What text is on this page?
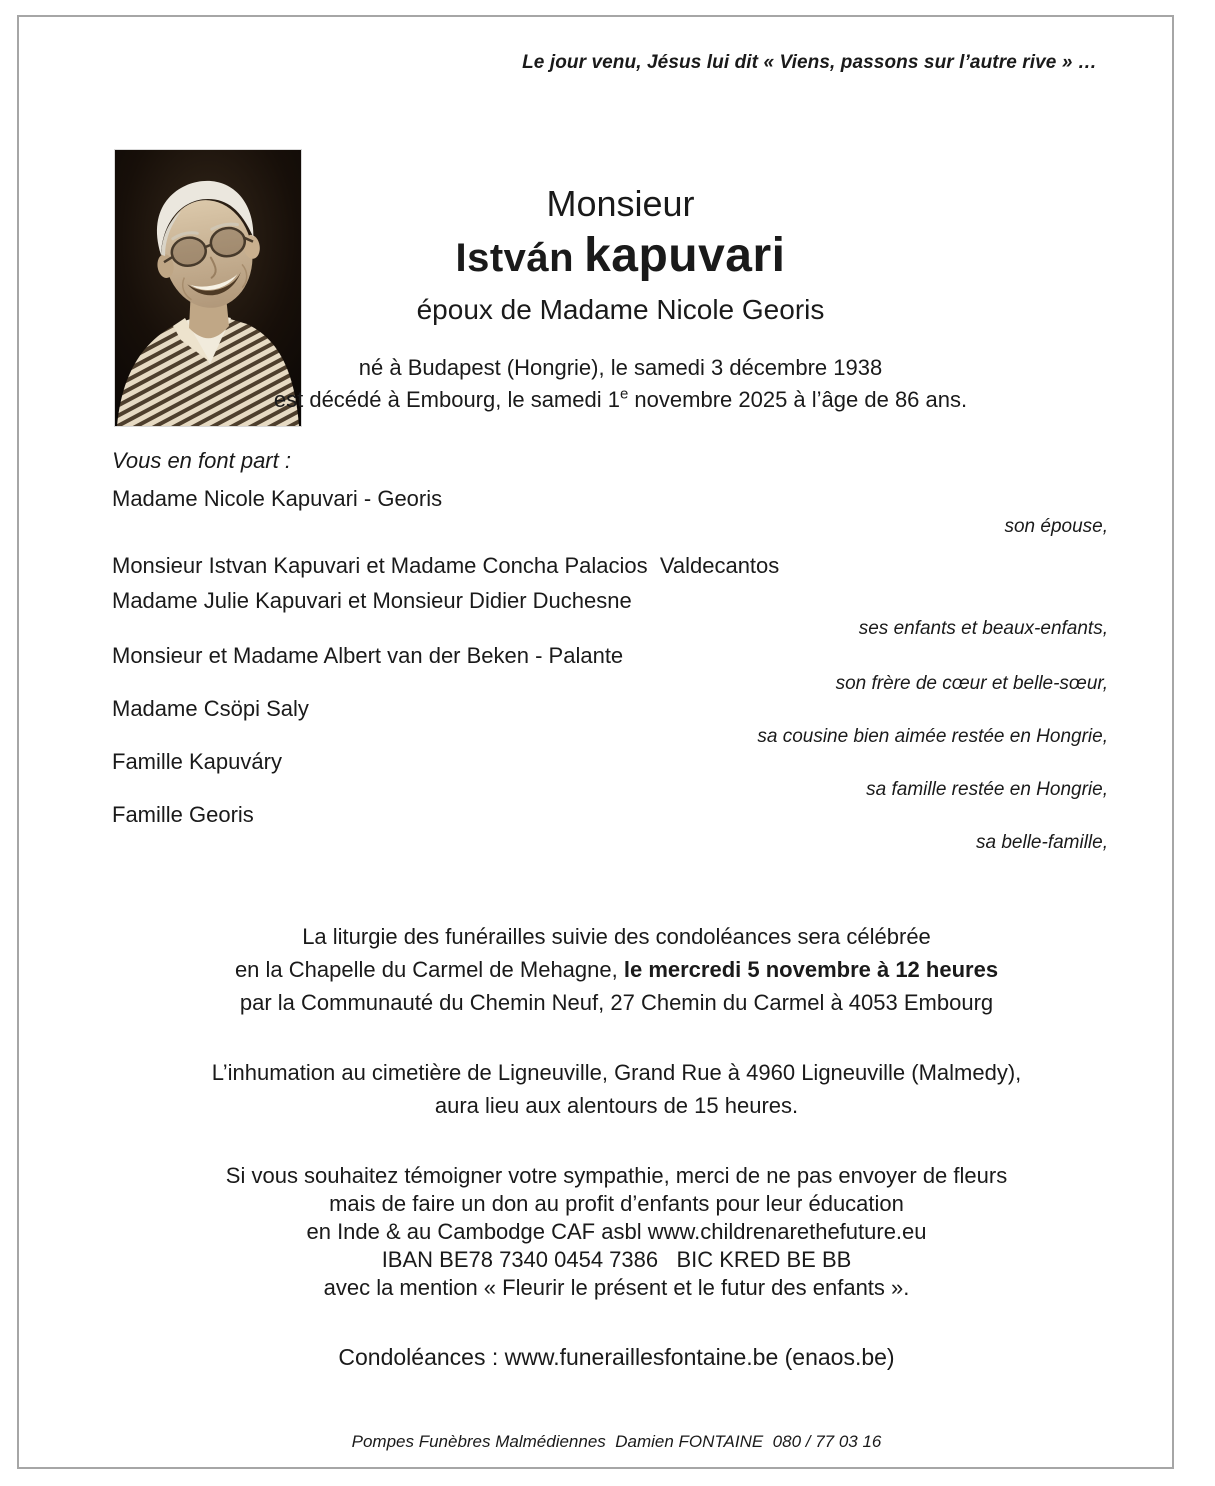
Le jour venu, Jésus lui dit « Viens, passons sur l’autre rive » …
Monsieur
István kapuvari
époux de Madame Nicole Georis
né à Budapest (Hongrie), le samedi 3 décembre 1938
est décédé à Embourg, le samedi 1e novembre 2025 à l’âge de 86 ans.
Vous en font part :
Madame Nicole Kapuvari - Georis
son épouse,
Monsieur Istvan Kapuvari et Madame Concha Palacios  Valdecantos
Madame Julie Kapuvari et Monsieur Didier Duchesne
ses enfants et beaux-enfants,
Monsieur et Madame Albert van der Beken - Palante
son frère de cœur et belle-sœur,
Madame Csöpi Saly
sa cousine bien aimée restée en Hongrie,
Famille Kapuváry
sa famille restée en Hongrie,
Famille Georis
sa belle-famille,
La liturgie des funérailles suivie des condoléances sera célébrée
en la Chapelle du Carmel de Mehagne, le mercredi 5 novembre à 12 heures
par la Communauté du Chemin Neuf, 27 Chemin du Carmel à 4053 Embourg
L’inhumation au cimetière de Ligneuville, Grand Rue à 4960 Ligneuville (Malmedy),
aura lieu aux alentours de 15 heures.
Si vous souhaitez témoigner votre sympathie, merci de ne pas envoyer de fleurs
mais de faire un don au profit d’enfants pour leur éducation
en Inde & au Cambodge CAF asbl www.childrenarethefuture.eu
IBAN BE78 7340 0454 7386   BIC KRED BE BB
avec la mention « Fleurir le présent et le futur des enfants ».
Condoléances : www.funeraillesfontaine.be (enaos.be)
Pompes Funèbres Malmédiennes  Damien FONTAINE  080 / 77 03 16
